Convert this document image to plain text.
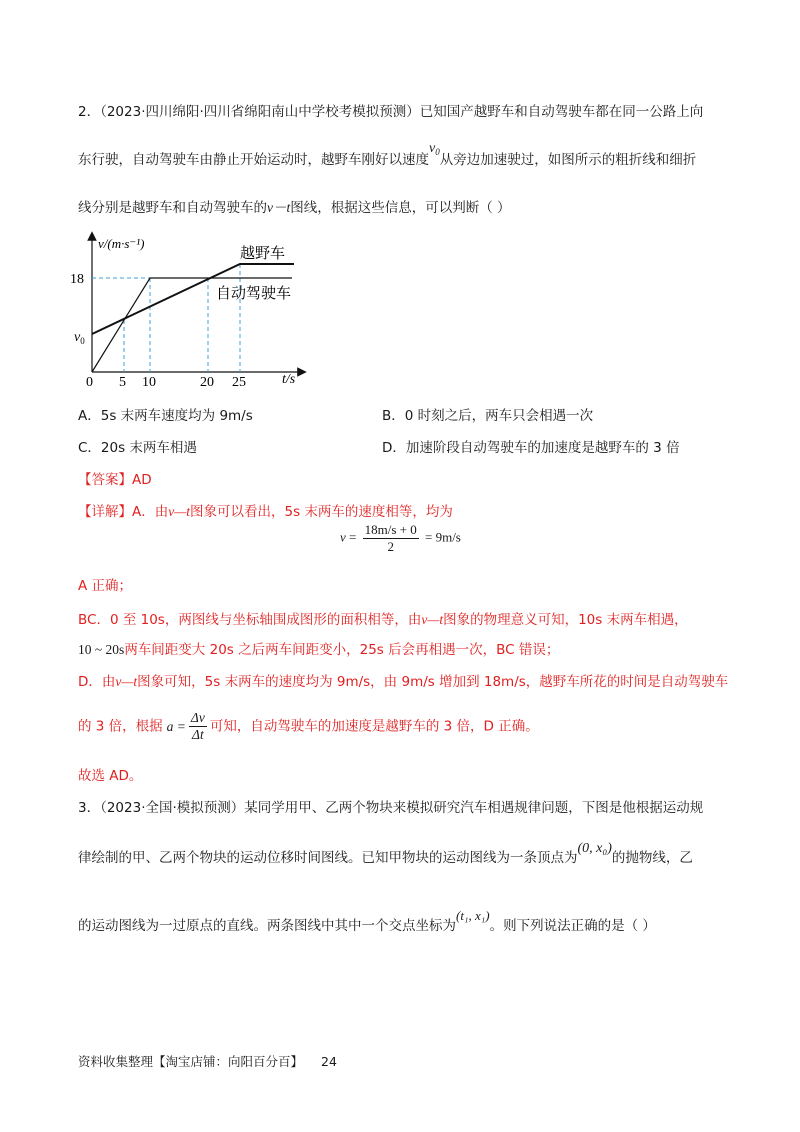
2．（2023·四川绵阳·四川省绵阳南山中学校考模拟预测）已知国产越野车和自动驾驶车都在同一公路上向
东行驶，自动驾驶车由静止开始运动时，越野车刚好以速度$v_0$从旁边加速驶过，如图所示的粗折线和细折
线分别是越野车和自动驾驶车的v－t图线，根据这些信息，可以判断（ ）
v/(m·s⁻¹)
18
$v_0$
0 5 10	20 25	t/s
越野车
自动驾驶车
A．5s 末两车速度均为 9m/s	B．0 时刻之后，两车只会相遇一次
C．20s 末两车相遇	D．加速阶段自动驾驶车的加速度是越野车的 3 倍
【答案】AD
【详解】A．由v—t图象可以看出，5s 末两车的速度相等，均为
$v = \frac{18m/s + 0}{2} = 9m/s$
A 正确；
BC．0 至 10s，两图线与坐标轴围成图形的面积相等，由v—t图象的物理意义可知，10s 末两车相遇，
10 ~ 20s两车间距变大 20s 之后两车间距变小，25s 后会再相遇一次，BC 错误；
D．由v—t图象可知，5s 末两车的速度均为 9m/s，由 9m/s 增加到 18m/s，越野车所花的时间是自动驾驶车
的 3 倍，根据 $a = \frac{\Delta v}{\Delta t}$ 可知，自动驾驶车的加速度是越野车的 3 倍，D 正确。
故选 AD。
3．（2023·全国·模拟预测）某同学用甲、乙两个物块来模拟研究汽车相遇规律问题，下图是他根据运动规
律绘制的甲、乙两个物块的运动位移时间图线。已知甲物块的运动图线为一条顶点为(0, x₀)的抛物线，乙
的运动图线为一过原点的直线。两条图线中其中一个交点坐标为(t₁, x₁)。则下列说法正确的是（ ）
资料收集整理【淘宝店铺：向阳百分百】 24
